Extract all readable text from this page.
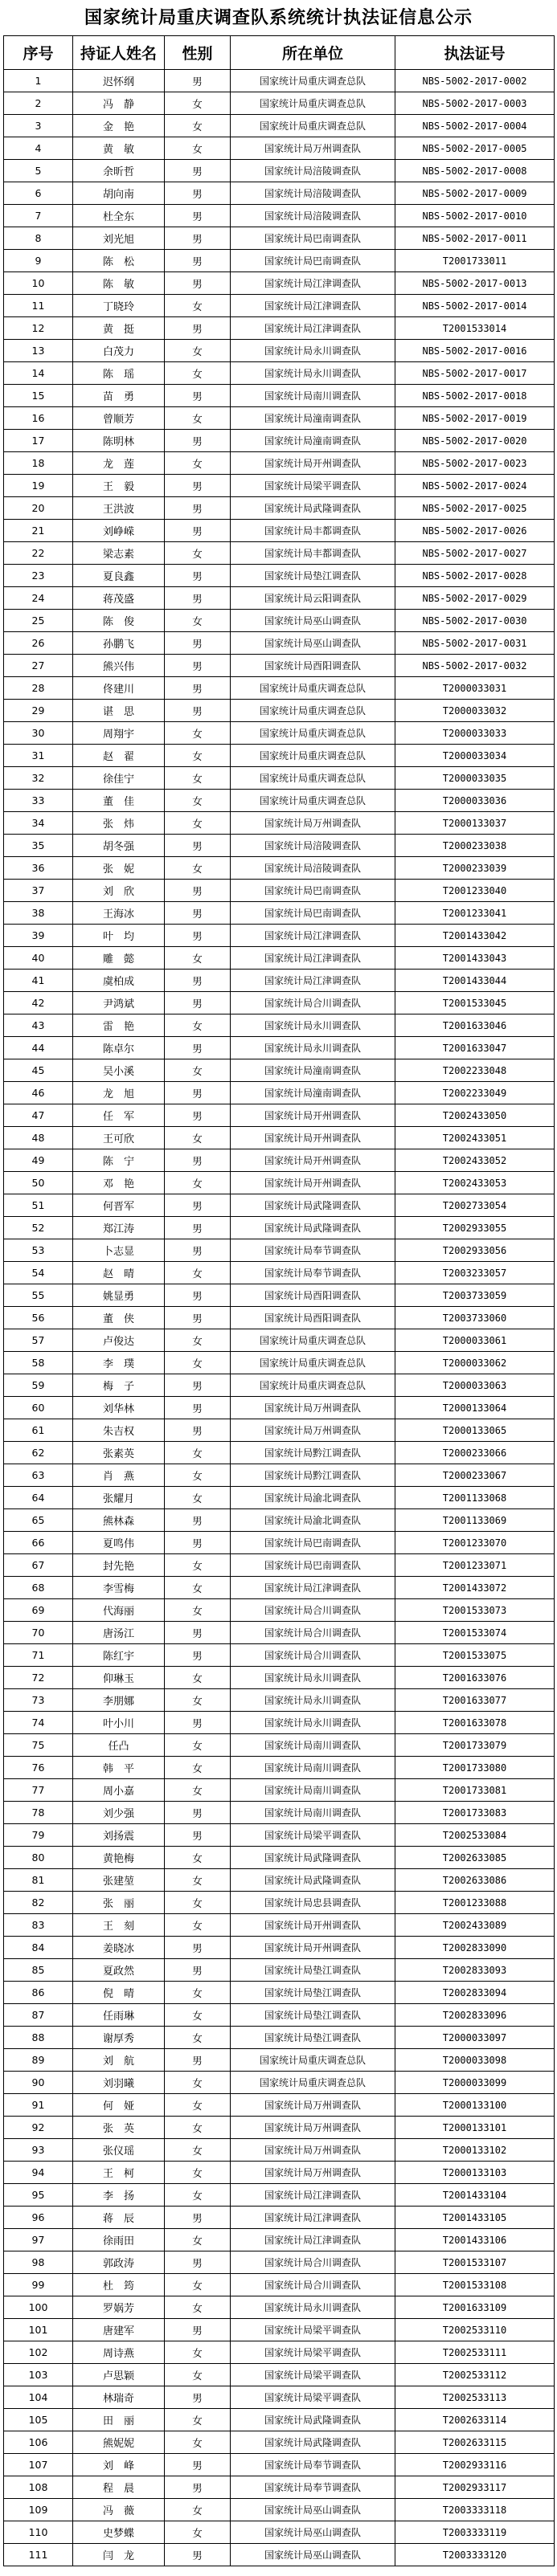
国家统计局重庆调查队系统统计执法证信息公示
序号	持证人姓名	性别	所在单位	执法证号
1	迟怀纲	男	国家统计局重庆调查总队	NBS-5002-2017-0002
2	冯　静	女	国家统计局重庆调查总队	NBS-5002-2017-0003
3	金　艳	女	国家统计局重庆调查总队	NBS-5002-2017-0004
4	黄　敏	女	国家统计局万州调查队	NBS-5002-2017-0005
5	余昕哲	男	国家统计局涪陵调查队	NBS-5002-2017-0008
6	胡向南	男	国家统计局涪陵调查队	NBS-5002-2017-0009
7	杜全东	男	国家统计局涪陵调查队	NBS-5002-2017-0010
8	刘光旭	男	国家统计局巴南调查队	NBS-5002-2017-0011
9	陈　松	男	国家统计局巴南调查队	T2001733011
10	陈　敏	男	国家统计局江津调查队	NBS-5002-2017-0013
11	丁晓玲	女	国家统计局江津调查队	NBS-5002-2017-0014
12	黄　挺	男	国家统计局江津调查队	T2001533014
13	白茂力	女	国家统计局永川调查队	NBS-5002-2017-0016
14	陈　瑶	女	国家统计局永川调查队	NBS-5002-2017-0017
15	苗　勇	男	国家统计局南川调查队	NBS-5002-2017-0018
16	曾顺芳	女	国家统计局潼南调查队	NBS-5002-2017-0019
17	陈明林	男	国家统计局潼南调查队	NBS-5002-2017-0020
18	龙　莲	女	国家统计局开州调查队	NBS-5002-2017-0023
19	王　毅	男	国家统计局梁平调查队	NBS-5002-2017-0024
20	王洪波	男	国家统计局武隆调查队	NBS-5002-2017-0025
21	刘峥嵘	男	国家统计局丰都调查队	NBS-5002-2017-0026
22	梁志素	女	国家统计局丰都调查队	NBS-5002-2017-0027
23	夏良鑫	男	国家统计局垫江调查队	NBS-5002-2017-0028
24	蒋茂盛	男	国家统计局云阳调查队	NBS-5002-2017-0029
25	陈　俊	女	国家统计局巫山调查队	NBS-5002-2017-0030
26	孙鹏飞	男	国家统计局巫山调查队	NBS-5002-2017-0031
27	熊兴伟	男	国家统计局酉阳调查队	NBS-5002-2017-0032
28	佟建川	男	国家统计局重庆调查总队	T2000033031
29	谌　思	男	国家统计局重庆调查总队	T2000033032
30	周翔宇	女	国家统计局重庆调查总队	T2000033033
31	赵　翟	女	国家统计局重庆调查总队	T2000033034
32	徐佳宁	女	国家统计局重庆调查总队	T2000033035
33	董　佳	女	国家统计局重庆调查总队	T2000033036
34	张　炜	女	国家统计局万州调查队	T2000133037
35	胡冬强	男	国家统计局涪陵调查队	T2000233038
36	张　妮	女	国家统计局涪陵调查队	T2000233039
37	刘　欣	男	国家统计局巴南调查队	T2001233040
38	王海冰	男	国家统计局巴南调查队	T2001233041
39	叶　均	男	国家统计局江津调查队	T2001433042
40	雕　懿	女	国家统计局江津调查队	T2001433043
41	虞柏成	男	国家统计局江津调查队	T2001433044
42	尹鸿斌	男	国家统计局合川调查队	T2001533045
43	雷　艳	女	国家统计局永川调查队	T2001633046
44	陈卓尔	男	国家统计局永川调查队	T2001633047
45	吴小溪	女	国家统计局潼南调查队	T2002233048
46	龙　旭	男	国家统计局潼南调查队	T2002233049
47	任　军	男	国家统计局开州调查队	T2002433050
48	王可欣	女	国家统计局开州调查队	T2002433051
49	陈　宁	男	国家统计局开州调查队	T2002433052
50	邓　艳	女	国家统计局开州调查队	T2002433053
51	何晋军	男	国家统计局武隆调查队	T2002733054
52	郑江涛	男	国家统计局武隆调查队	T2002933055
53	卜志显	男	国家统计局奉节调查队	T2002933056
54	赵　晴	女	国家统计局奉节调查队	T2003233057
55	姚显勇	男	国家统计局酉阳调查队	T2003733059
56	董　侠	男	国家统计局酉阳调查队	T2003733060
57	卢俊达	女	国家统计局重庆调查总队	T2000033061
58	李　璞	女	国家统计局重庆调查总队	T2000033062
59	梅　子	男	国家统计局重庆调查总队	T2000033063
60	刘华林	男	国家统计局万州调查队	T2000133064
61	朱吉权	男	国家统计局万州调查队	T2000133065
62	张素英	女	国家统计局黔江调查队	T2000233066
63	肖　燕	女	国家统计局黔江调查队	T2000233067
64	张耀月	女	国家统计局渝北调查队	T2001133068
65	熊林森	男	国家统计局渝北调查队	T2001133069
66	夏鸣伟	男	国家统计局巴南调查队	T2001233070
67	封先艳	女	国家统计局巴南调查队	T2001233071
68	李雪梅	女	国家统计局江津调查队	T2001433072
69	代海丽	女	国家统计局合川调查队	T2001533073
70	唐汤江	男	国家统计局合川调查队	T2001533074
71	陈红宇	男	国家统计局合川调查队	T2001533075
72	仰琳玉	女	国家统计局永川调查队	T2001633076
73	李朋娜	女	国家统计局永川调查队	T2001633077
74	叶小川	男	国家统计局永川调查队	T2001633078
75	任凸	女	国家统计局南川调查队	T2001733079
76	韩　平	女	国家统计局南川调查队	T2001733080
77	周小嘉	女	国家统计局南川调查队	T2001733081
78	刘少强	男	国家统计局南川调查队	T2001733083
79	刘扬震	男	国家统计局梁平调查队	T2002533084
80	黄艳梅	女	国家统计局武隆调查队	T2002633085
81	张建堃	女	国家统计局武隆调查队	T2002633086
82	张　丽	女	国家统计局忠县调查队	T2001233088
83	王　刻	女	国家统计局开州调查队	T2002433089
84	姜晓冰	男	国家统计局开州调查队	T2002833090
85	夏政然	男	国家统计局垫江调查队	T2002833093
86	倪　晴	女	国家统计局垫江调查队	T2002833094
87	任雨琳	女	国家统计局垫江调查队	T2002833096
88	谢厚秀	女	国家统计局垫江调查队	T2000033097
89	刘　航	男	国家统计局重庆调查总队	T2000033098
90	刘羽曦	女	国家统计局重庆调查总队	T2000033099
91	何　娅	女	国家统计局万州调查队	T2000133100
92	张　英	女	国家统计局万州调查队	T2000133101
93	张仪瑶	女	国家统计局万州调查队	T2000133102
94	王　柯	女	国家统计局万州调查队	T2000133103
95	李　扬	女	国家统计局江津调查队	T2001433104
96	蒋　辰	男	国家统计局江津调查队	T2001433105
97	徐雨田	女	国家统计局江津调查队	T2001433106
98	郭政涛	男	国家统计局合川调查队	T2001533107
99	杜　筠	女	国家统计局合川调查队	T2001533108
100	罗娲芳	女	国家统计局永川调查队	T2001633109
101	唐建军	男	国家统计局梁平调查队	T2002533110
102	周诗燕	女	国家统计局梁平调查队	T2002533111
103	卢思颖	女	国家统计局梁平调查队	T2002533112
104	林瑞奇	男	国家统计局梁平调查队	T2002533113
105	田　丽	女	国家统计局武隆调查队	T2002633114
106	熊妮妮	女	国家统计局武隆调查队	T2002633115
107	刘　峰	男	国家统计局奉节调查队	T2002933116
108	程　晨	男	国家统计局奉节调查队	T2002933117
109	冯　薇	女	国家统计局巫山调查队	T2003333118
110	史梦蝶	女	国家统计局巫山调查队	T2003333119
111	闫　龙	男	国家统计局巫山调查队	T2003333120
